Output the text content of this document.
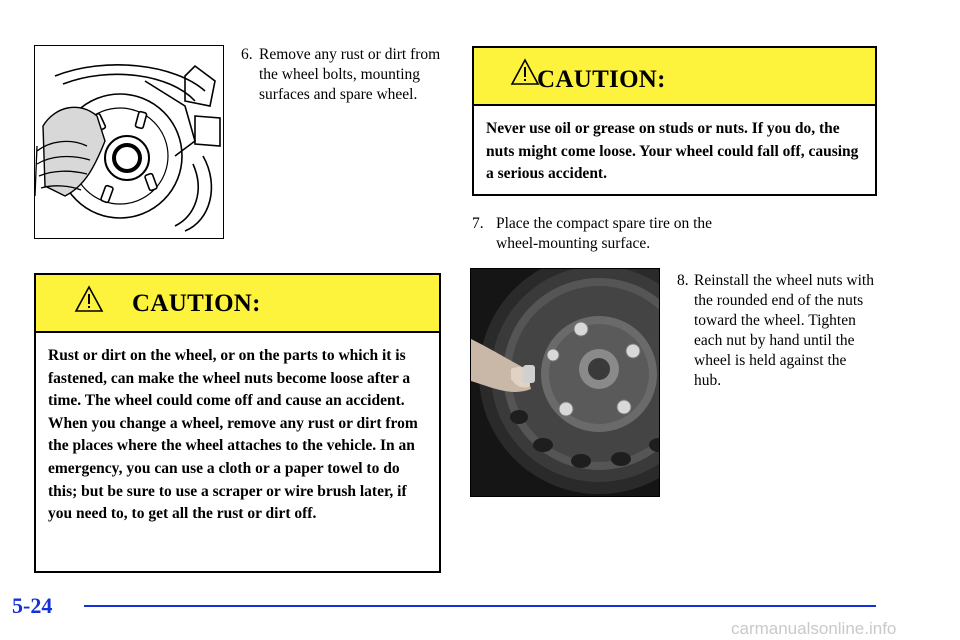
6. Remove any rust or dirt from the wheel bolts, mounting surfaces and spare wheel.
CAUTION:
Rust or dirt on the wheel, or on the parts to which it is fastened, can make the wheel nuts become loose after a time. The wheel could come off and cause an accident. When you change a wheel, remove any rust or dirt from the places where the wheel attaches to the vehicle. In an emergency, you can use a cloth or a paper towel to do this; but be sure to use a scraper or wire brush later, if you need to, to get all the rust or dirt off.
CAUTION:
Never use oil or grease on studs or nuts. If you do, the nuts might come loose. Your wheel could fall off, causing a serious accident.
7. Place the compact spare tire on the wheel-mounting surface.
8. Reinstall the wheel nuts with the rounded end of the nuts toward the wheel. Tighten each nut by hand until the wheel is held against the hub.
5-24
carmanualsonline.info
